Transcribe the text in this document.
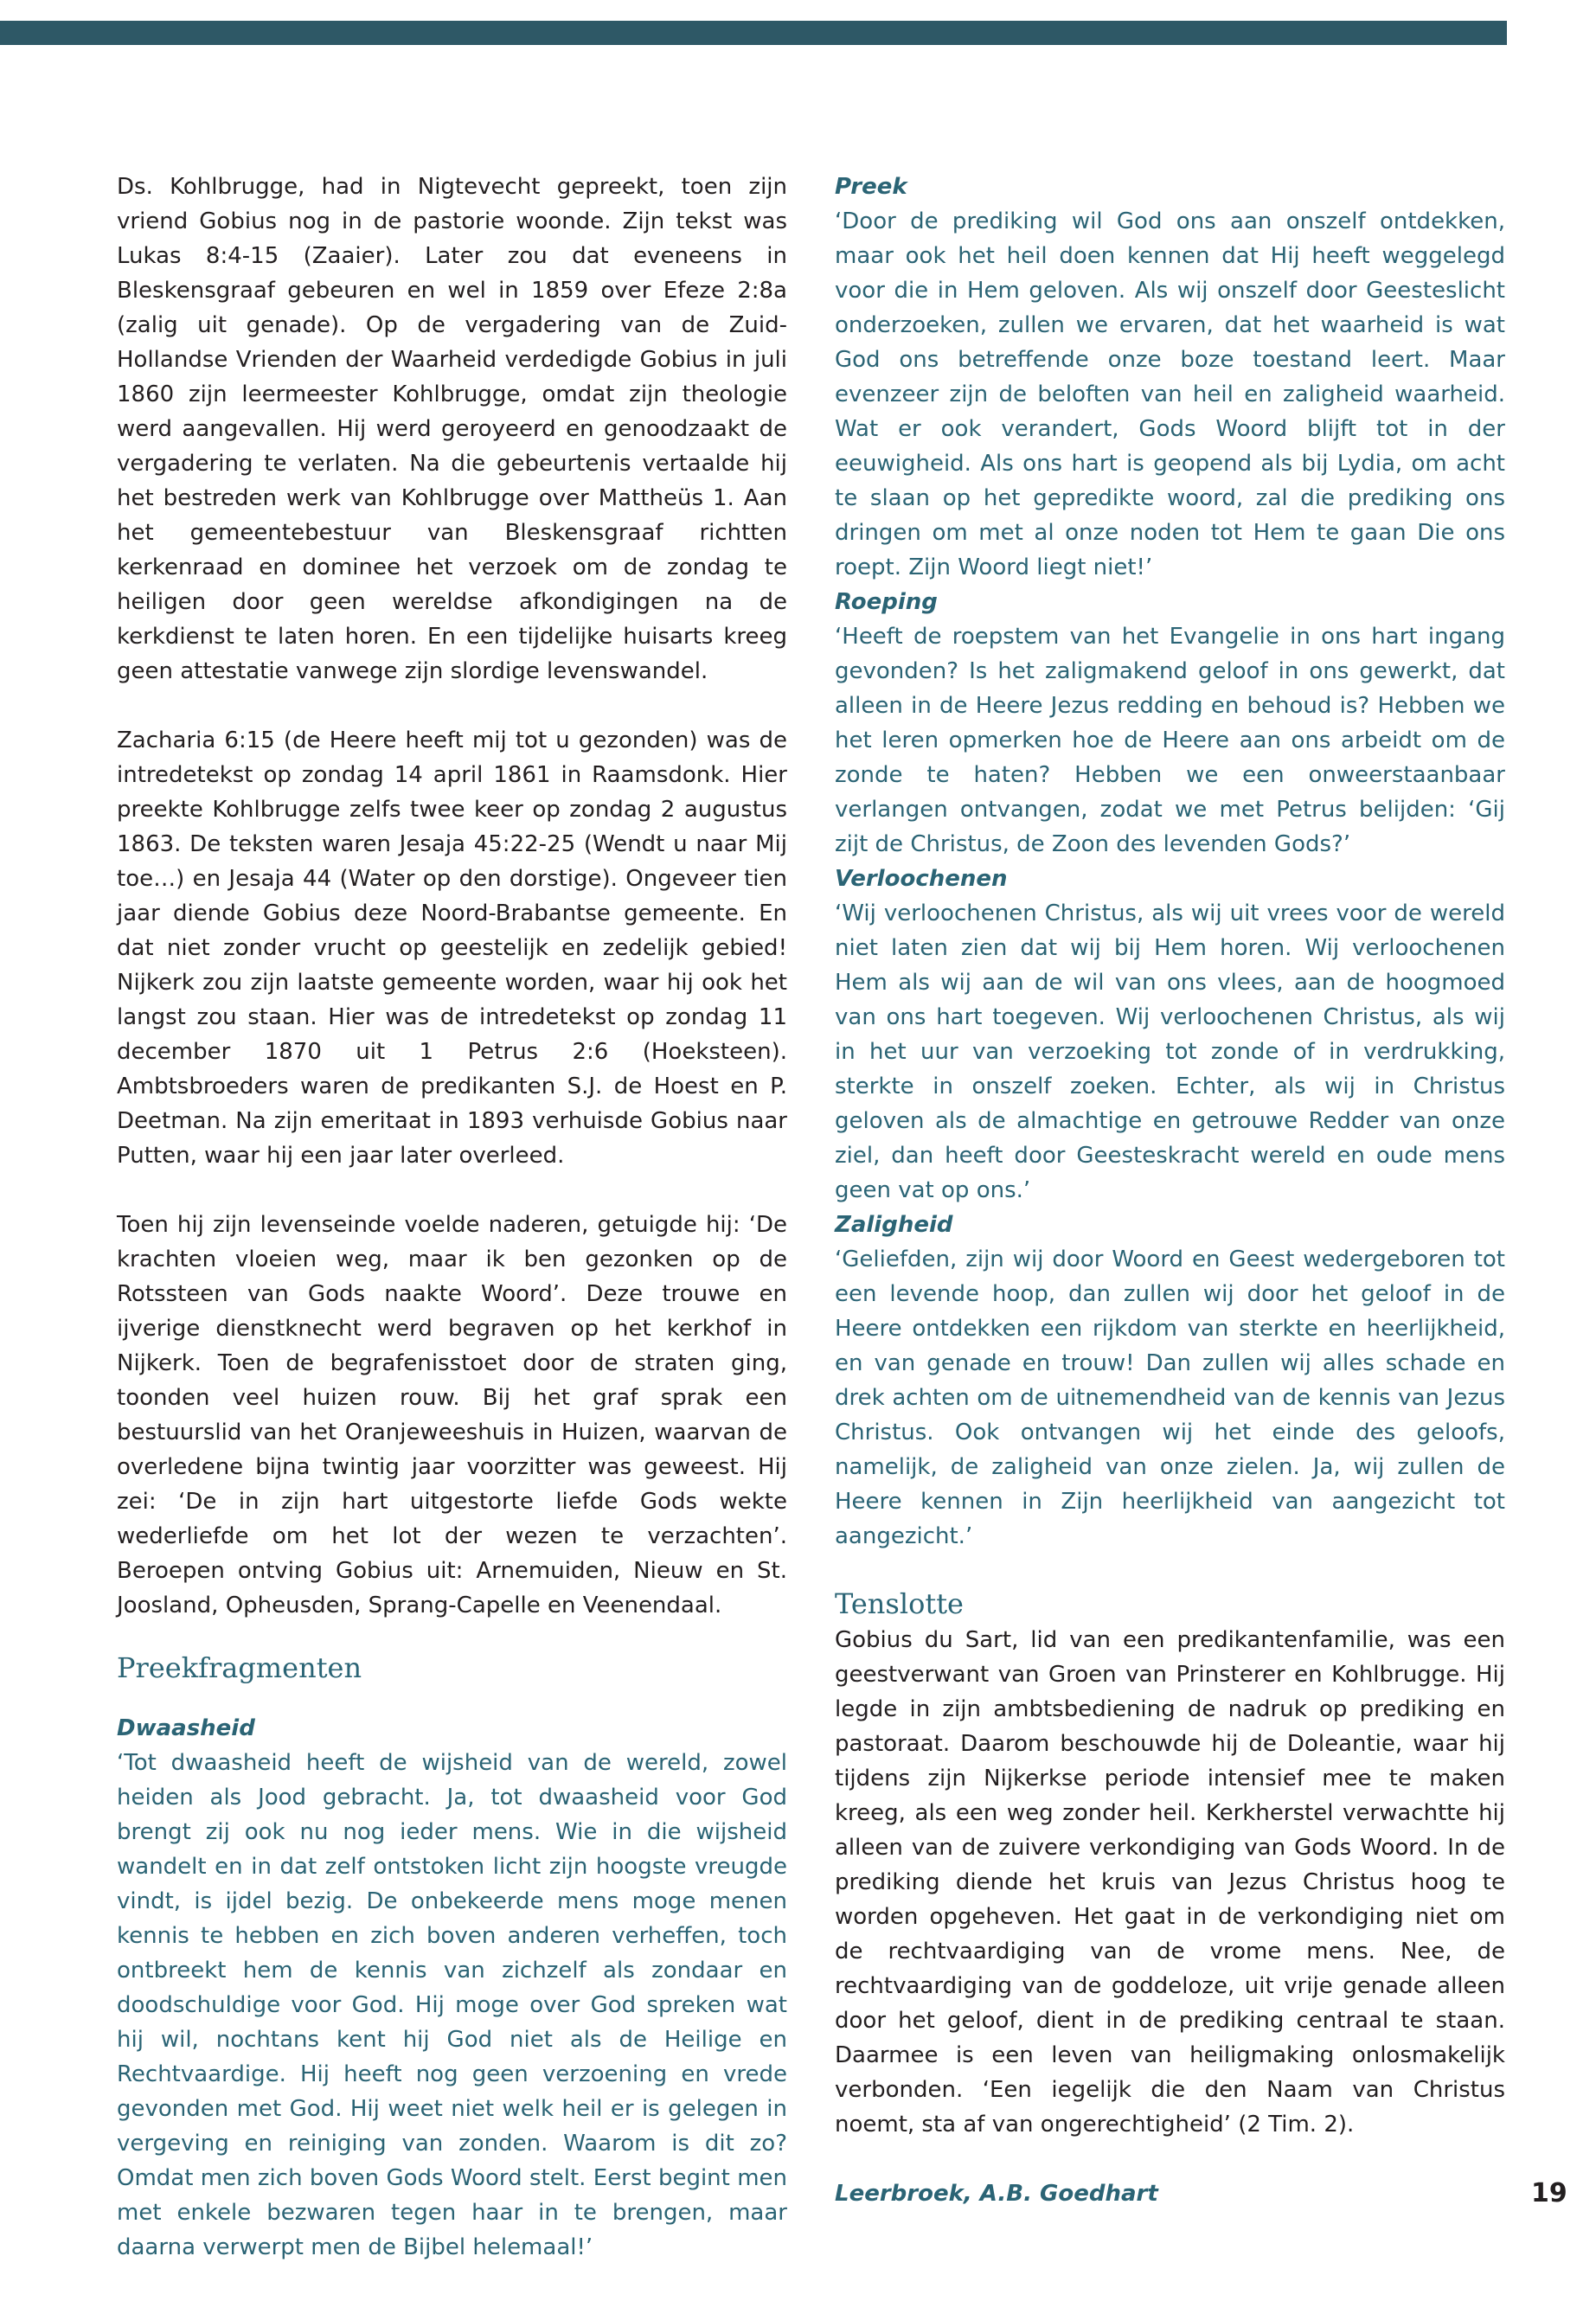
Ds. Kohlbrugge, had in Nigtevecht gepreekt, toen zijn vriend Gobius nog in de pastorie woonde. Zijn tekst was Lukas 8:4-15 (Zaaier). Later zou dat eveneens in Bleskensgraaf gebeuren en wel in 1859 over Efeze 2:8a (zalig uit genade). Op de vergadering van de Zuid-Hollandse Vrienden der Waarheid verdedigde Gobius in juli 1860 zijn leermeester Kohlbrugge, omdat zijn theologie werd aangevallen. Hij werd geroyeerd en genoodzaakt de vergadering te verlaten. Na die gebeurtenis vertaalde hij het bestreden werk van Kohlbrugge over Mattheüs 1. Aan het gemeentebestuur van Bleskensgraaf richtten kerkenraad en dominee het verzoek om de zondag te heiligen door geen wereldse afkondigingen na de kerkdienst te laten horen. En een tijdelijke huisarts kreeg geen attestatie vanwege zijn slordige levenswandel.

Zacharia 6:15 (de Heere heeft mij tot u gezonden) was de intredetekst op zondag 14 april 1861 in Raamsdonk. Hier preekte Kohlbrugge zelfs twee keer op zondag 2 augustus 1863. De teksten waren Jesaja 45:22-25 (Wendt u naar Mij toe…) en Jesaja 44 (Water op den dorstige). Ongeveer tien jaar diende Gobius deze Noord-Brabantse gemeente. En dat niet zonder vrucht op geestelijk en zedelijk gebied! Nijkerk zou zijn laatste gemeente worden, waar hij ook het langst zou staan. Hier was de intredetekst op zondag 11 december 1870 uit 1 Petrus 2:6 (Hoeksteen). Ambtsbroeders waren de predikanten S.J. de Hoest en P. Deetman. Na zijn emeritaat in 1893 verhuisde Gobius naar Putten, waar hij een jaar later overleed.

Toen hij zijn levenseinde voelde naderen, getuigde hij: ‘De krachten vloeien weg, maar ik ben gezonken op de Rotssteen van Gods naakte Woord’. Deze trouwe en ijverige dienstknecht werd begraven op het kerkhof in Nijkerk. Toen de begrafenisstoet door de straten ging, toonden veel huizen rouw. Bij het graf sprak een bestuurslid van het Oranjeweeshuis in Huizen, waarvan de overledene bijna twintig jaar voorzitter was geweest. Hij zei: ‘De in zijn hart uitgestorte liefde Gods wekte wederliefde om het lot der wezen te verzachten’. Beroepen ontving Gobius uit: Arnemuiden, Nieuw en St. Joosland, Opheusden, Sprang-Capelle en Veenendaal.

Preekfragmenten
Dwaasheid

‘Tot dwaasheid heeft de wijsheid van de wereld, zowel heiden als Jood gebracht. Ja, tot dwaasheid voor God brengt zij ook nu nog ieder mens. Wie in die wijsheid wandelt en in dat zelf ontstoken licht zijn hoogste vreugde vindt, is ijdel bezig. De onbekeerde mens moge menen kennis te hebben en zich boven anderen verheffen, toch ontbreekt hem de kennis van zichzelf als zondaar en doodschuldige voor God. Hij moge over God spreken wat hij wil, nochtans kent hij God niet als de Heilige en Rechtvaardige. Hij heeft nog geen verzoening en vrede gevonden met God. Hij weet niet welk heil er is gelegen in vergeving en reiniging van zonden. Waarom is dit zo? Omdat men zich boven Gods Woord stelt. Eerst begint men met enkele bezwaren tegen haar in te brengen, maar daarna verwerpt men de Bijbel helemaal!’

Preek

‘Door de prediking wil God ons aan onszelf ontdekken, maar ook het heil doen kennen dat Hij heeft weggelegd voor die in Hem geloven. Als wij onszelf door Geesteslicht onderzoeken, zullen we ervaren, dat het waarheid is wat God ons betreffende onze boze toestand leert. Maar evenzeer zijn de beloften van heil en zaligheid waarheid. Wat er ook verandert, Gods Woord blijft tot in der eeuwigheid. Als ons hart is geopend als bij Lydia, om acht te slaan op het gepredikte woord, zal die prediking ons dringen om met al onze noden tot Hem te gaan Die ons roept. Zijn Woord liegt niet!’

Roeping

‘Heeft de roepstem van het Evangelie in ons hart ingang gevonden? Is het zaligmakend geloof in ons gewerkt, dat alleen in de Heere Jezus redding en behoud is? Hebben we het leren opmerken hoe de Heere aan ons arbeidt om de zonde te haten? Hebben we een onweerstaanbaar verlangen ontvangen, zodat we met Petrus belijden: ‘Gij zijt de Christus, de Zoon des levenden Gods?’

Verloochenen

‘Wij verloochenen Christus, als wij uit vrees voor de wereld niet laten zien dat wij bij Hem horen. Wij verloochenen Hem als wij aan de wil van ons vlees, aan de hoogmoed van ons hart toegeven. Wij verloochenen Christus, als wij in het uur van verzoeking tot zonde of in verdrukking, sterkte in onszelf zoeken. Echter, als wij in Christus geloven als de almachtige en getrouwe Redder van onze ziel, dan heeft door Geesteskracht wereld en oude mens geen vat op ons.’

Zaligheid

‘Geliefden, zijn wij door Woord en Geest wedergeboren tot een levende hoop, dan zullen wij door het geloof in de Heere ontdekken een rijkdom van sterkte en heerlijkheid, en van genade en trouw! Dan zullen wij alles schade en drek achten om de uitnemendheid van de kennis van Jezus Christus. Ook ontvangen wij het einde des geloofs, namelijk, de zaligheid van onze zielen. Ja, wij zullen de Heere kennen in Zijn heerlijkheid van aangezicht tot aangezicht.’

Tenslotte

Gobius du Sart, lid van een predikantenfamilie, was een geestverwant van Groen van Prinsterer en Kohlbrugge. Hij legde in zijn ambtsbediening de nadruk op prediking en pastoraat. Daarom beschouwde hij de Doleantie, waar hij tijdens zijn Nijkerkse periode intensief mee te maken kreeg, als een weg zonder heil. Kerkherstel verwachtte hij alleen van de zuivere verkondiging van Gods Woord. In de prediking diende het kruis van Jezus Christus hoog te worden opgeheven. Het gaat in de verkondiging niet om de rechtvaardiging van de vrome mens. Nee, de rechtvaardiging van de goddeloze, uit vrije genade alleen door het geloof, dient in de prediking centraal te staan. Daarmee is een leven van heiligmaking onlosmakelijk verbonden. ‘Een iegelijk die den Naam van Christus noemt, sta af van ongerechtigheid’ (2 Tim. 2).

Leerbroek, A.B. Goedhart	19
